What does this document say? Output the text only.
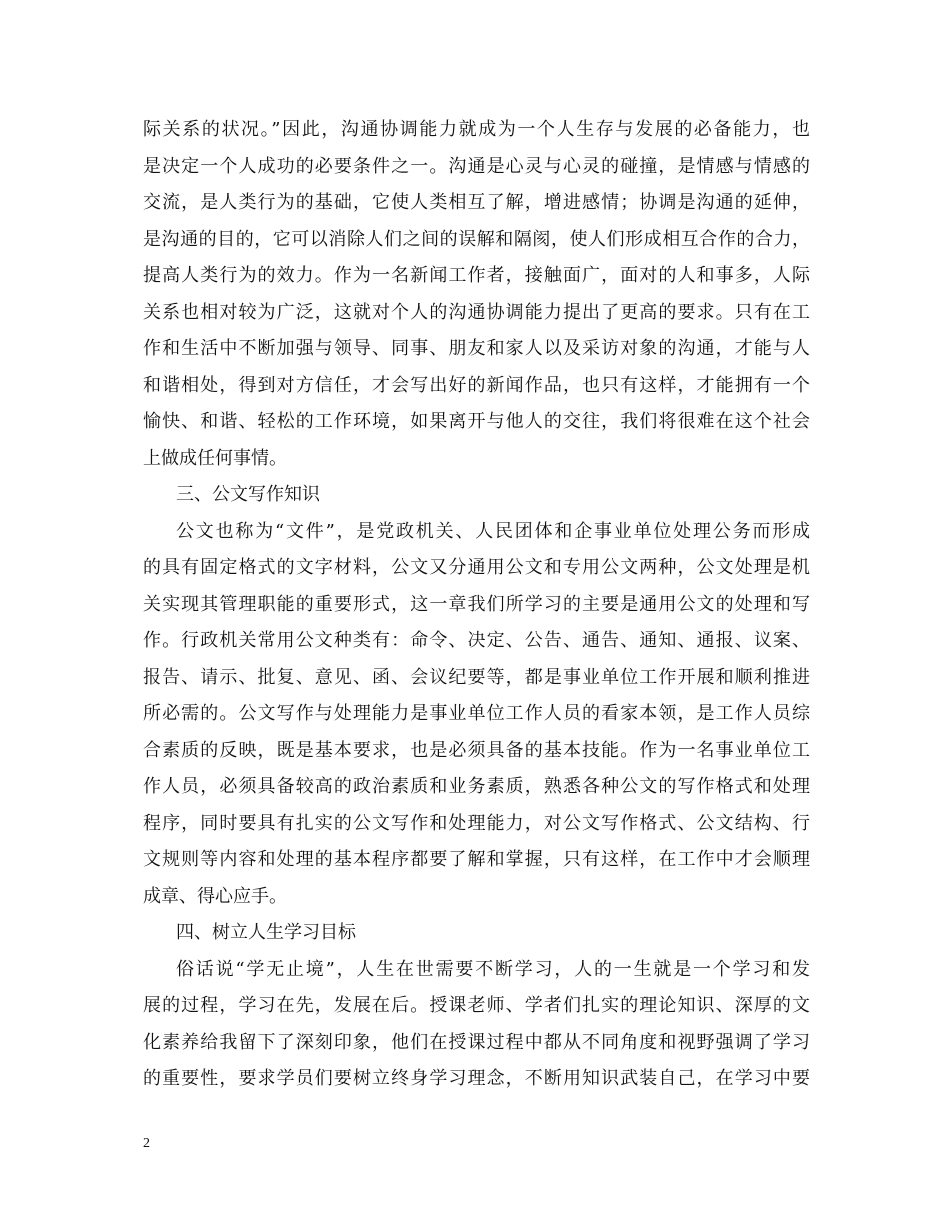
际关系的状况。”因此，沟通协调能力就成为一个人生存与发展的必备能力，也
是决定一个人成功的必要条件之一。沟通是心灵与心灵的碰撞，是情感与情感的
交流，是人类行为的基础，它使人类相互了解，增进感情；协调是沟通的延伸，
是沟通的目的，它可以消除人们之间的误解和隔阂，使人们形成相互合作的合力，
提高人类行为的效力。作为一名新闻工作者，接触面广，面对的人和事多，人际
关系也相对较为广泛，这就对个人的沟通协调能力提出了更高的要求。只有在工
作和生活中不断加强与领导、同事、朋友和家人以及采访对象的沟通，才能与人
和谐相处，得到对方信任，才会写出好的新闻作品，也只有这样，才能拥有一个
愉快、和谐、轻松的工作环境，如果离开与他人的交往，我们将很难在这个社会
上做成任何事情。
三、公文写作知识
公文也称为“文件”，是党政机关、人民团体和企事业单位处理公务而形成
的具有固定格式的文字材料，公文又分通用公文和专用公文两种，公文处理是机
关实现其管理职能的重要形式，这一章我们所学习的主要是通用公文的处理和写
作。行政机关常用公文种类有：命令、决定、公告、通告、通知、通报、议案、
报告、请示、批复、意见、函、会议纪要等，都是事业单位工作开展和顺利推进
所必需的。公文写作与处理能力是事业单位工作人员的看家本领，是工作人员综
合素质的反映，既是基本要求，也是必须具备的基本技能。作为一名事业单位工
作人员，必须具备较高的政治素质和业务素质，熟悉各种公文的写作格式和处理
程序，同时要具有扎实的公文写作和处理能力，对公文写作格式、公文结构、行
文规则等内容和处理的基本程序都要了解和掌握，只有这样，在工作中才会顺理
成章、得心应手。
四、树立人生学习目标
俗话说“学无止境”，人生在世需要不断学习，人的一生就是一个学习和发
展的过程，学习在先，发展在后。授课老师、学者们扎实的理论知识、深厚的文
化素养给我留下了深刻印象，他们在授课过程中都从不同角度和视野强调了学习
的重要性，要求学员们要树立终身学习理念，不断用知识武装自己，在学习中要
2
